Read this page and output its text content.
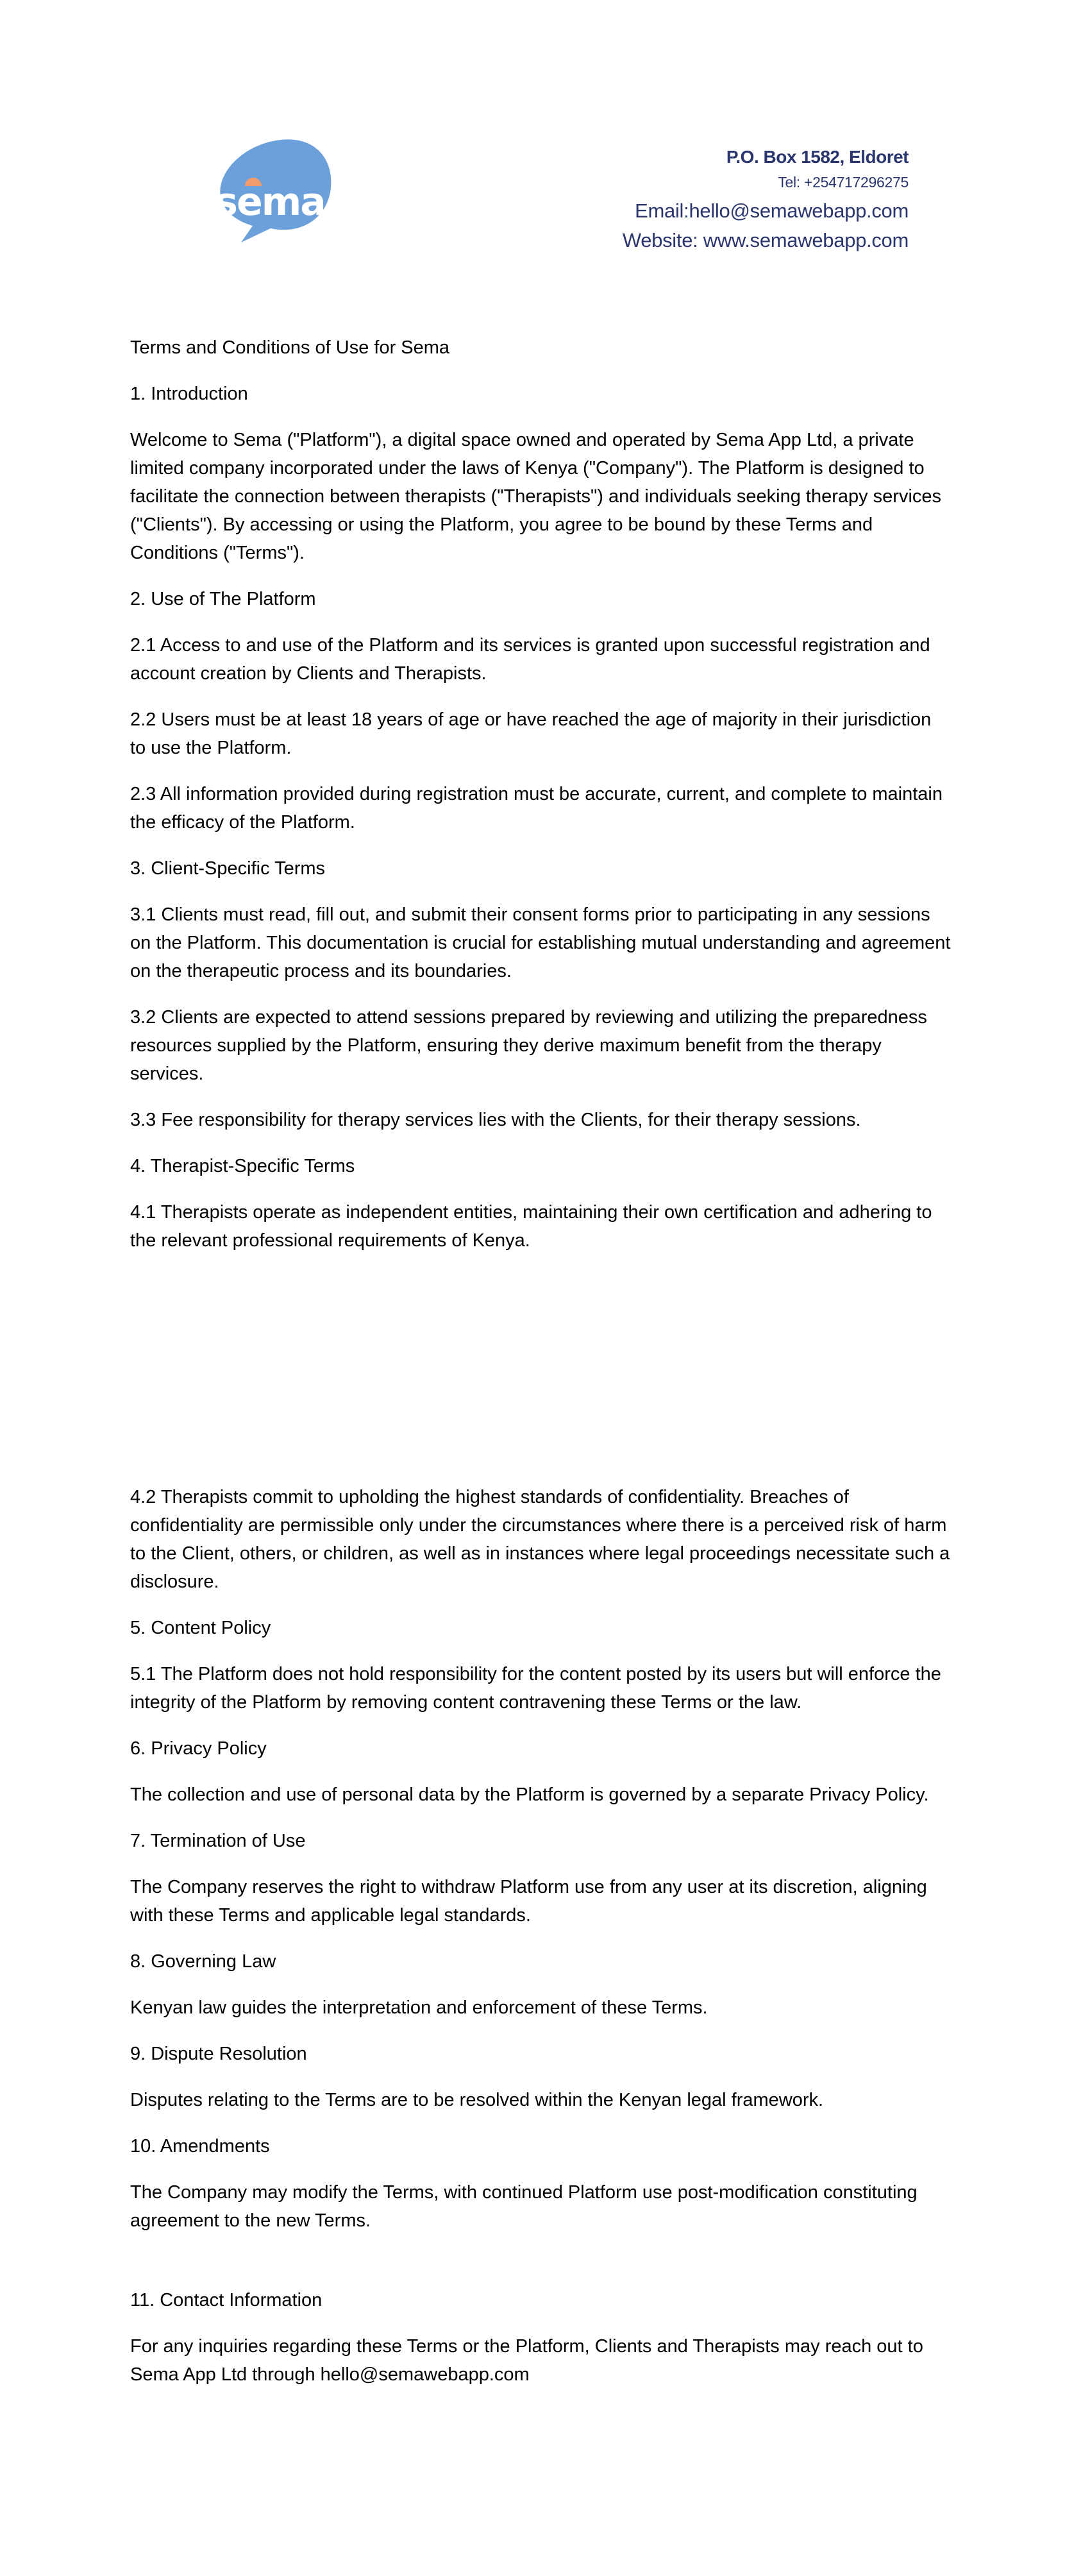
sema
P.O. Box 1582, Eldoret
Tel: +254717296275
Email:hello@semawebapp.com
Website: www.semawebapp.com
Terms and Conditions of Use for Sema
1. Introduction

Welcome to Sema ("Platform"), a digital space owned and operated by Sema App Ltd, a private limited company incorporated under the laws of Kenya ("Company"). The Platform is designed to facilitate the connection between therapists ("Therapists") and individuals seeking therapy services ("Clients"). By accessing or using the Platform, you agree to be bound by these Terms and Conditions ("Terms").

2. Use of The Platform

2.1 Access to and use of the Platform and its services is granted upon successful registration and account creation by Clients and Therapists.

2.2 Users must be at least 18 years of age or have reached the age of majority in their jurisdiction to use the Platform.

2.3 All information provided during registration must be accurate, current, and complete to maintain the efficacy of the Platform.

3. Client-Specific Terms

3.1 Clients must read, fill out, and submit their consent forms prior to participating in any sessions on the Platform. This documentation is crucial for establishing mutual understanding and agreement on the therapeutic process and its boundaries.

3.2 Clients are expected to attend sessions prepared by reviewing and utilizing the preparedness resources supplied by the Platform, ensuring they derive maximum benefit from the therapy services.

3.3 Fee responsibility for therapy services lies with the Clients, for their therapy sessions.

4. Therapist-Specific Terms

4.1 Therapists operate as independent entities, maintaining their own certification and adhering to the relevant professional requirements of Kenya.

4.2 Therapists commit to upholding the highest standards of confidentiality. Breaches of confidentiality are permissible only under the circumstances where there is a perceived risk of harm to the Client, others, or children, as well as in instances where legal proceedings necessitate such a disclosure.

5. Content Policy

5.1 The Platform does not hold responsibility for the content posted by its users but will enforce the integrity of the Platform by removing content contravening these Terms or the law.

6. Privacy Policy

The collection and use of personal data by the Platform is governed by a separate Privacy Policy.

7. Termination of Use

The Company reserves the right to withdraw Platform use from any user at its discretion, aligning with these Terms and applicable legal standards.

8. Governing Law

Kenyan law guides the interpretation and enforcement of these Terms.

9. Dispute Resolution

Disputes relating to the Terms are to be resolved within the Kenyan legal framework.

10. Amendments

The Company may modify the Terms, with continued Platform use post-modification constituting agreement to the new Terms.

11. Contact Information

For any inquiries regarding these Terms or the Platform, Clients and Therapists may reach out to Sema App Ltd through hello@semawebapp.com
